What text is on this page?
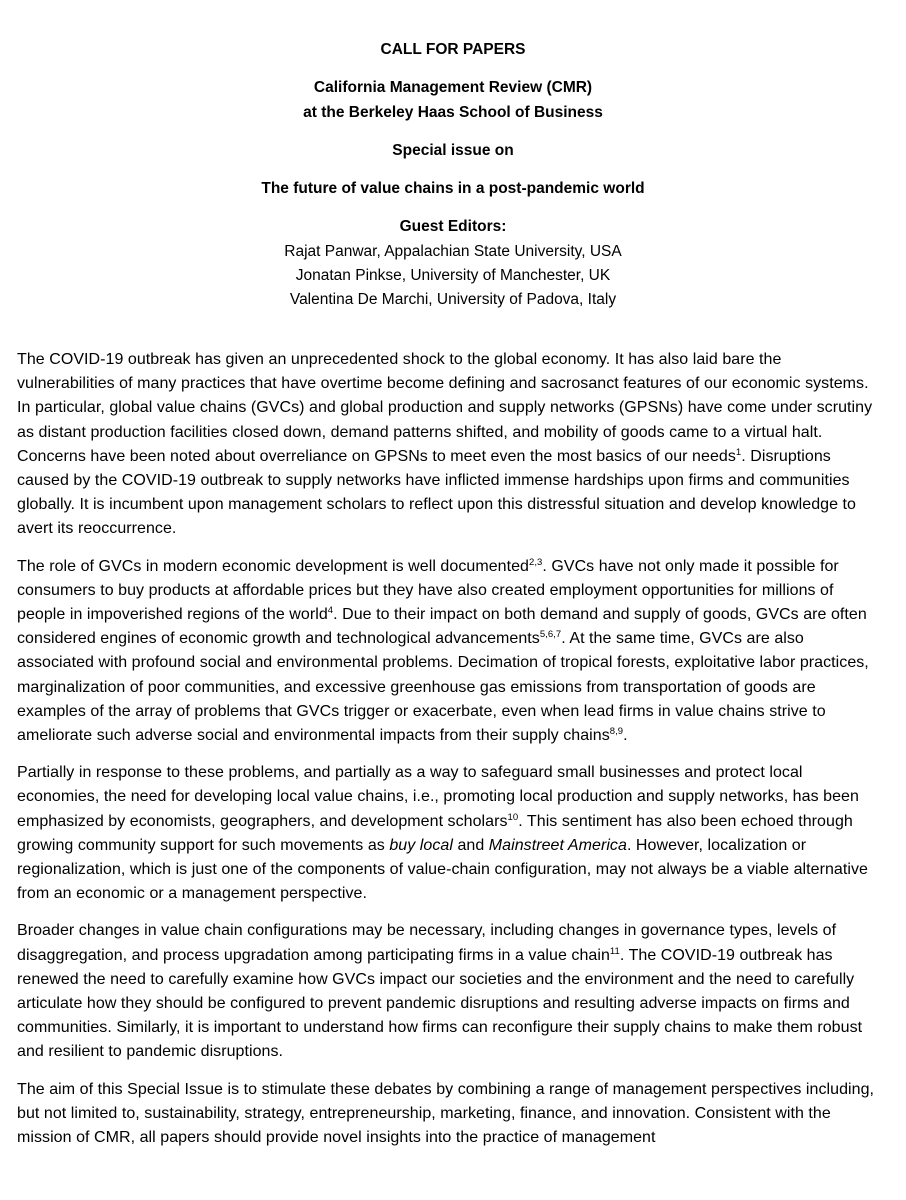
CALL FOR PAPERS
California Management Review (CMR)
at the Berkeley Haas School of Business
Special issue on
The future of value chains in a post-pandemic world
Guest Editors:
Rajat Panwar, Appalachian State University, USA
Jonatan Pinkse, University of Manchester, UK
Valentina De Marchi, University of Padova, Italy

The COVID-19 outbreak has given an unprecedented shock to the global economy. It has also laid bare the vulnerabilities of many practices that have overtime become defining and sacrosanct features of our economic systems. In particular, global value chains (GVCs) and global production and supply networks (GPSNs) have come under scrutiny as distant production facilities closed down, demand patterns shifted, and mobility of goods came to a virtual halt. Concerns have been noted about overreliance on GPSNs to meet even the most basics of our needs$^1$. Disruptions caused by the COVID-19 outbreak to supply networks have inflicted immense hardships upon firms and communities globally. It is incumbent upon management scholars to reflect upon this distressful situation and develop knowledge to avert its reoccurrence.

The role of GVCs in modern economic development is well documented$^{2,3}$. GVCs have not only made it possible for consumers to buy products at affordable prices but they have also created employment opportunities for millions of people in impoverished regions of the world$^4$. Due to their impact on both demand and supply of goods, GVCs are often considered engines of economic growth and technological advancements$^{5,6,7}$. At the same time, GVCs are also associated with profound social and environmental problems. Decimation of tropical forests, exploitative labor practices, marginalization of poor communities, and excessive greenhouse gas emissions from transportation of goods are examples of the array of problems that GVCs trigger or exacerbate, even when lead firms in value chains strive to ameliorate such adverse social and environmental impacts from their supply chains$^{8,9}$.

Partially in response to these problems, and partially as a way to safeguard small businesses and protect local economies, the need for developing local value chains, i.e., promoting local production and supply networks, has been emphasized by economists, geographers, and development scholars$^{10}$. This sentiment has also been echoed through growing community support for such movements as buy local and Mainstreet America. However, localization or regionalization, which is just one of the components of value-chain configuration, may not always be a viable alternative from an economic or a management perspective.

Broader changes in value chain configurations may be necessary, including changes in governance types, levels of disaggregation, and process upgradation among participating firms in a value chain$^{11}$. The COVID-19 outbreak has renewed the need to carefully examine how GVCs impact our societies and the environment and the need to carefully articulate how they should be configured to prevent pandemic disruptions and resulting adverse impacts on firms and communities. Similarly, it is important to understand how firms can reconfigure their supply chains to make them robust and resilient to pandemic disruptions.

The aim of this Special Issue is to stimulate these debates by combining a range of management perspectives including, but not limited to, sustainability, strategy, entrepreneurship, marketing, finance, and innovation. Consistent with the mission of CMR, all papers should provide novel insights into the practice of management
